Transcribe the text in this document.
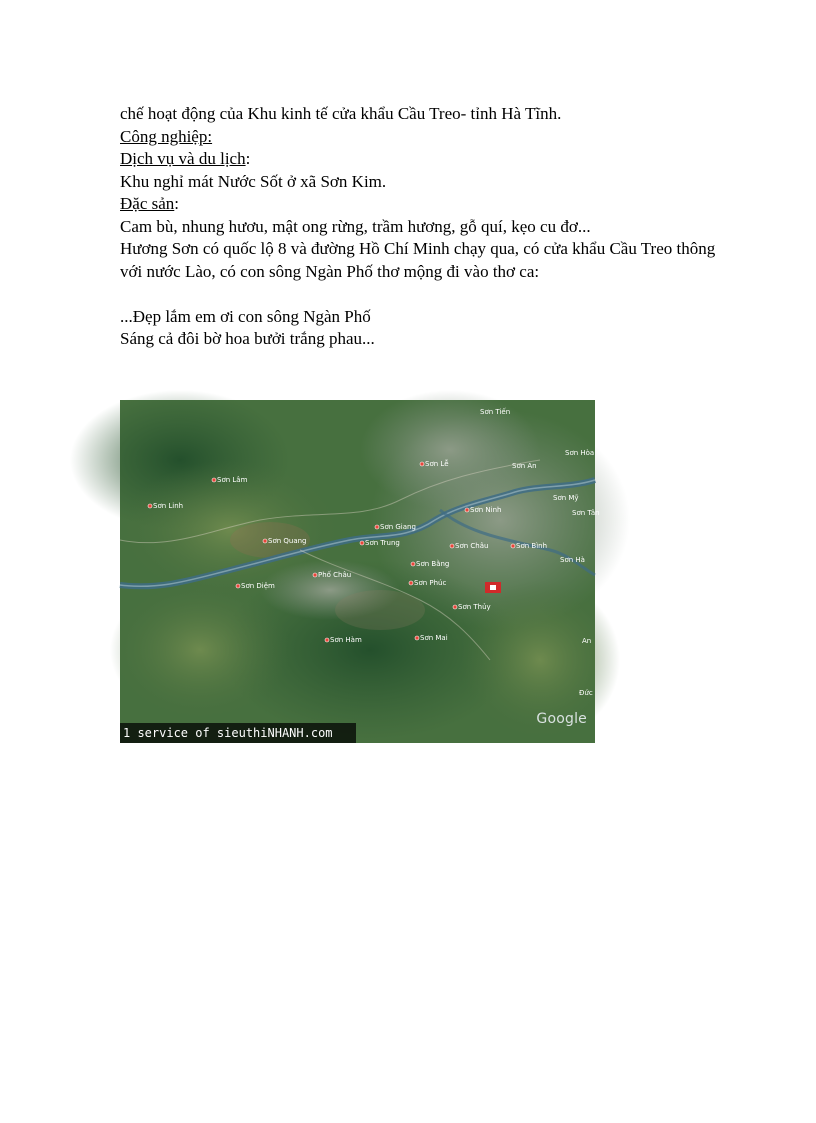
chế hoạt động của Khu kinh tế cửa khẩu Cầu Treo- tỉnh Hà Tĩnh.
Công nghiệp:
Dịch vụ và du lịch:
Khu nghỉ mát Nước Sốt ở xã Sơn Kim.
Đặc sản:
Cam bù, nhung hươu, mật ong rừng, trầm hương, gỗ quí, kẹo cu đơ...
Hương Sơn có quốc lộ 8 và đường Hồ Chí Minh chạy qua, có cửa khẩu Cầu Treo thông
với nước Lào, có con sông Ngàn Phố thơ mộng đi vào thơ ca:
...Đẹp lắm em ơi con sông Ngàn Phố
Sáng cả đôi bờ hoa bưởi trắng phau...
Sơn Lâm
Sơn Linh
Sơn Quang
Sơn Giang
Sơn Trung
Sơn Diệm
Phố Châu
Sơn Hàm
Sơn Tiến
Sơn Lễ	Sơn An
Sơn Hòa
Sơn Ninh
Sơn Mỹ
Sơn Tân
Sơn Châu	Sơn Bình
Sơn Bằng	Sơn Hà
Sơn Phúc
Sơn Thủy
Sơn Mai	An
Đức
Google
1 service of sieuthiNHANH.com
